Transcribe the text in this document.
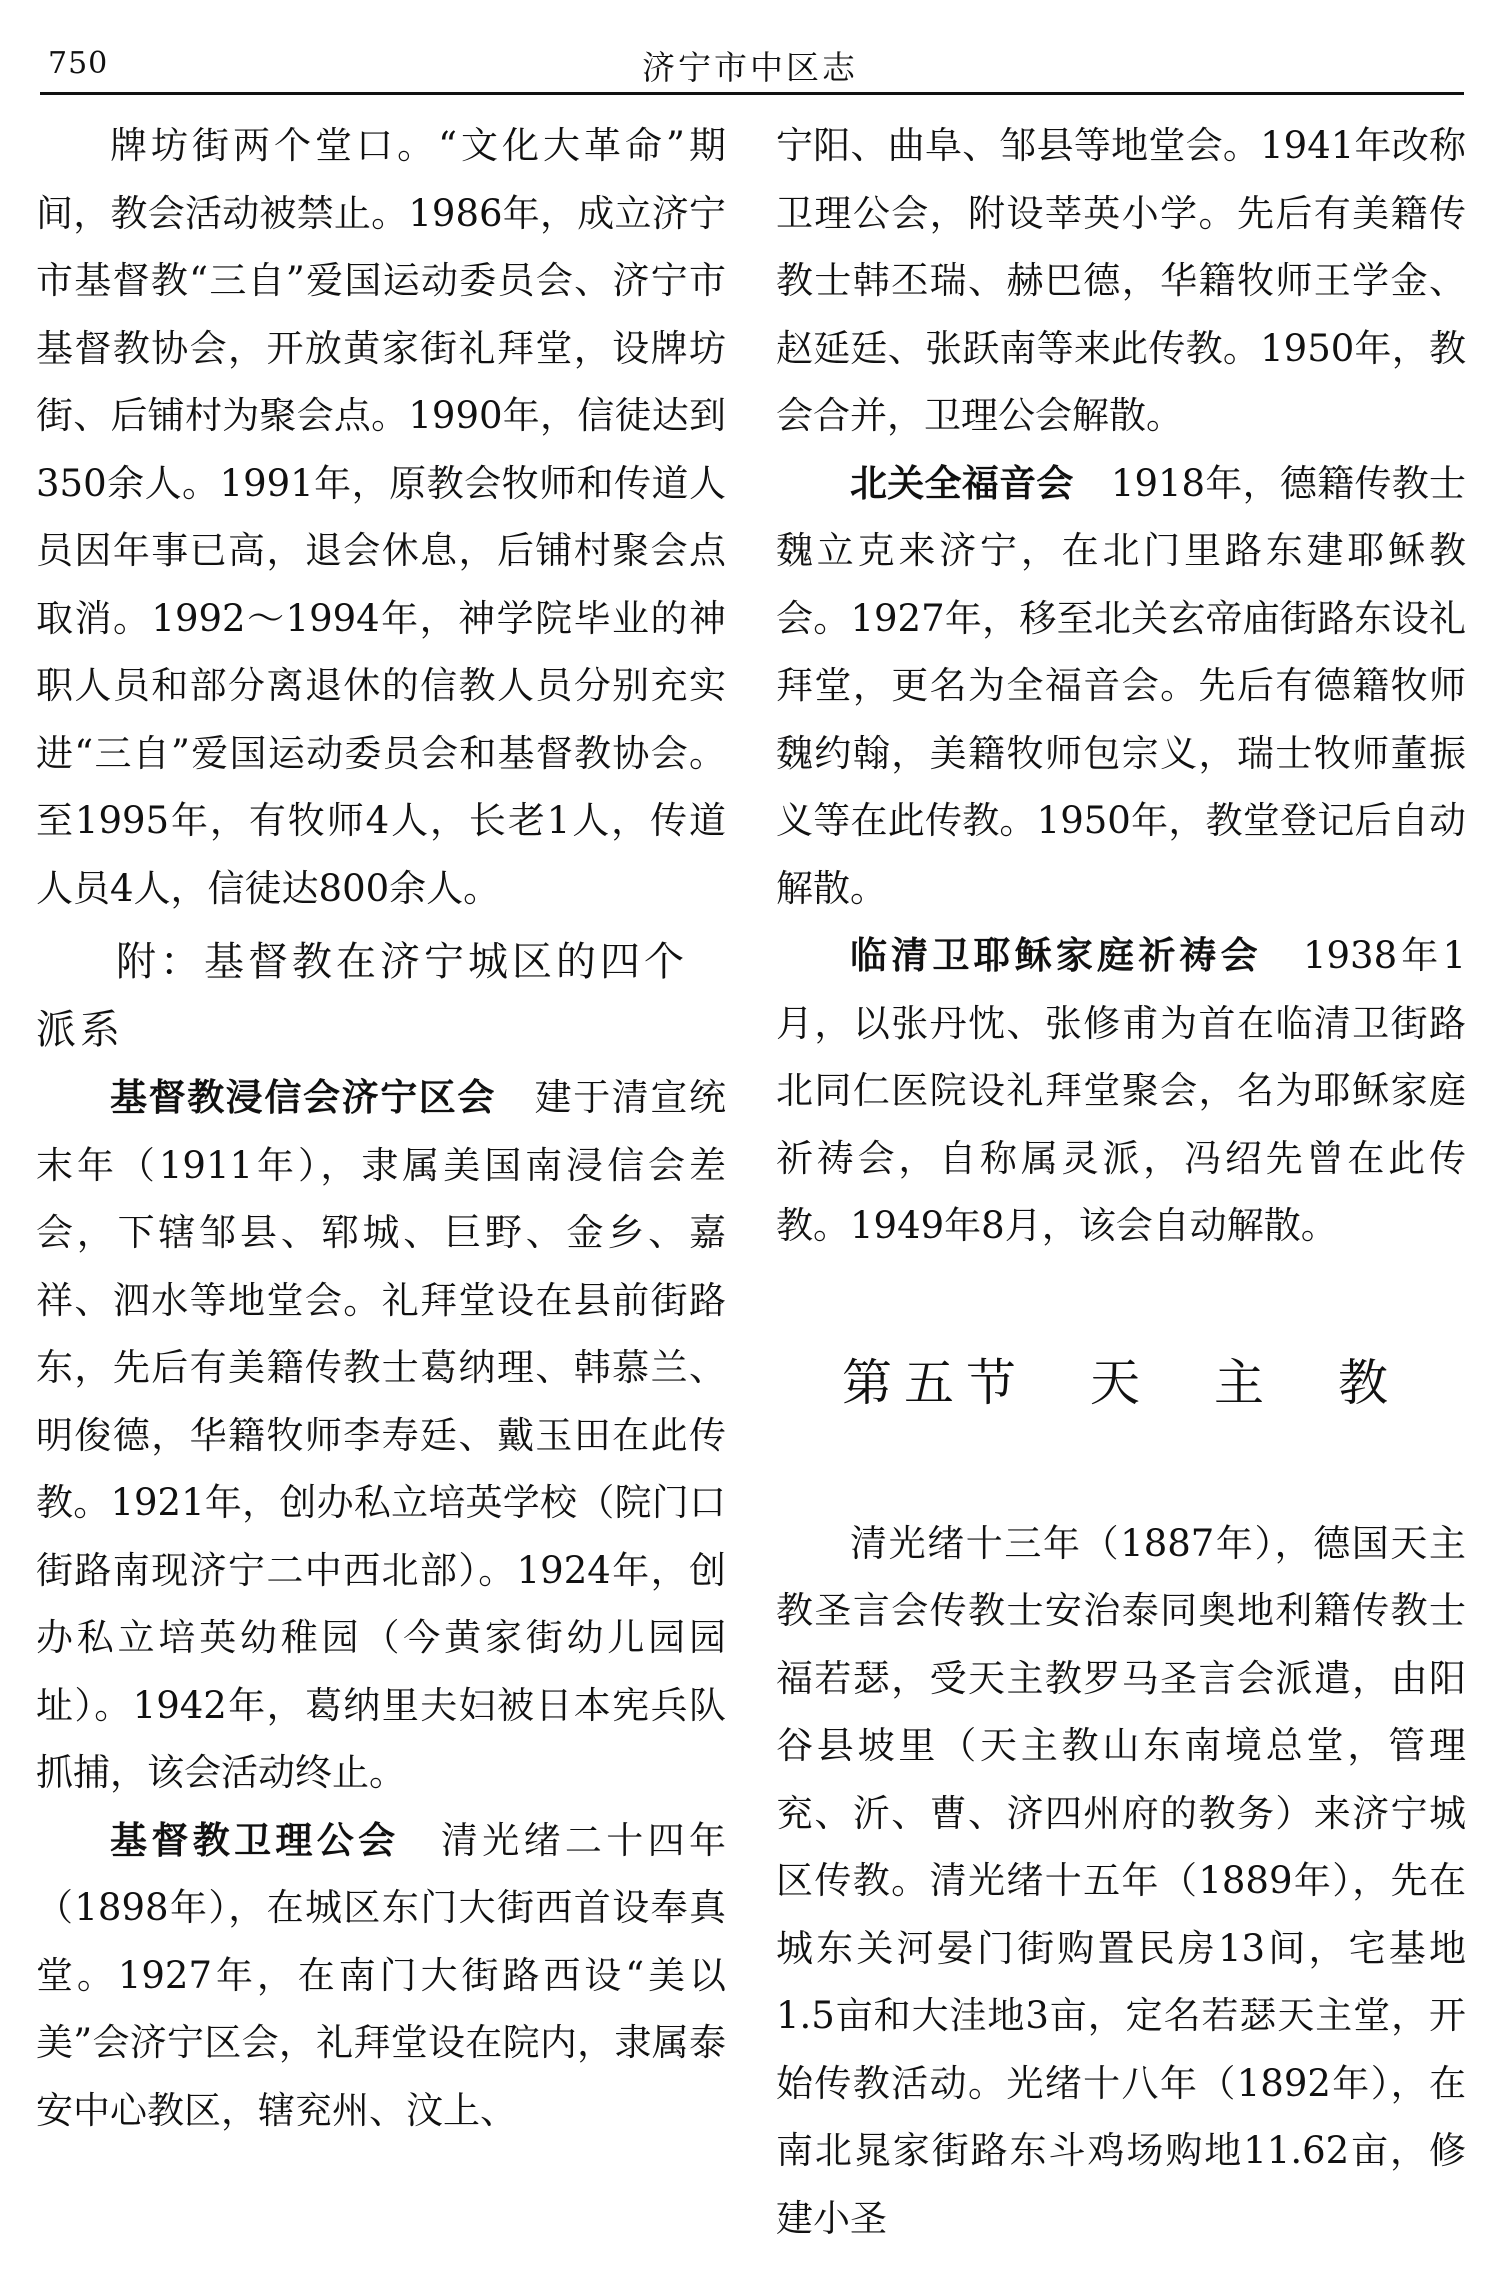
750	济宁市中区志

牌坊街两个堂口。“文化大革命”期间，教会活动被禁止。1986年，成立济宁市基督教“三自”爱国运动委员会、济宁市基督教协会，开放黄家街礼拜堂，设牌坊街、后铺村为聚会点。1990年，信徒达到350余人。1991年，原教会牧师和传道人员因年事已高，退会休息，后铺村聚会点取消。1992～1994年，神学院毕业的神职人员和部分离退休的信教人员分别充实进“三自”爱国运动委员会和基督教协会。至1995年，有牧师4人，长老1人，传道人员4人，信徒达800余人。

附：基督教在济宁城区的四个派系

基督教浸信会济宁区会　 建于清宣统末年（1911年），隶属美国南浸信会差会，下辖邹县、郓城、巨野、金乡、嘉祥、泗水等地堂会。礼拜堂设在县前街路东，先后有美籍传教士葛纳理、韩慕兰、明俊德，华籍牧师李寿廷、戴玉田在此传教。1921年，创办私立培英学校（院门口街路南现济宁二中西北部）。1924年，创办私立培英幼稚园（今黄家街幼儿园园址）。1942年，葛纳里夫妇被日本宪兵队抓捕，该会活动终止。

基督教卫理公会　 清光绪二十四年（1898年），在城区东门大街西首设奉真堂。1927年，在南门大街路西设“美以美”会济宁区会，礼拜堂设在院内，隶属泰安中心教区，辖兖州、汶上、

宁阳、曲阜、邹县等地堂会。1941年改称卫理公会，附设莘英小学。先后有美籍传教士韩丕瑞、赫巴德，华籍牧师王学金、赵延廷、张跃南等来此传教。1950年，教会合并，卫理公会解散。

北关全福音会　 1918年，德籍传教士魏立克来济宁，在北门里路东建耶稣教会。1927年，移至北关玄帝庙街路东设礼拜堂，更名为全福音会。先后有德籍牧师魏约翰，美籍牧师包宗义，瑞士牧师董振义等在此传教。1950年，教堂登记后自动解散。

临清卫耶稣家庭祈祷会　 1938年1月，以张丹忱、张修甫为首在临清卫街路北同仁医院设礼拜堂聚会，名为耶稣家庭祈祷会，自称属灵派，冯绍先曾在此传教。1949年8月，该会自动解散。

第五节　天　主　教

清光绪十三年（1887年），德国天主教圣言会传教士安治泰同奥地利籍传教士福若瑟，受天主教罗马圣言会派遣，由阳谷县坡里（天主教山东南境总堂，管理兖、沂、曹、济四州府的教务）来济宁城区传教。清光绪十五年（1889年），先在城东关河晏门街购置民房13间，宅基地1.5亩和大洼地3亩，定名若瑟天主堂，开始传教活动。光绪十八年（1892年），在南北晁家街路东斗鸡场购地11.62亩，修建小圣
